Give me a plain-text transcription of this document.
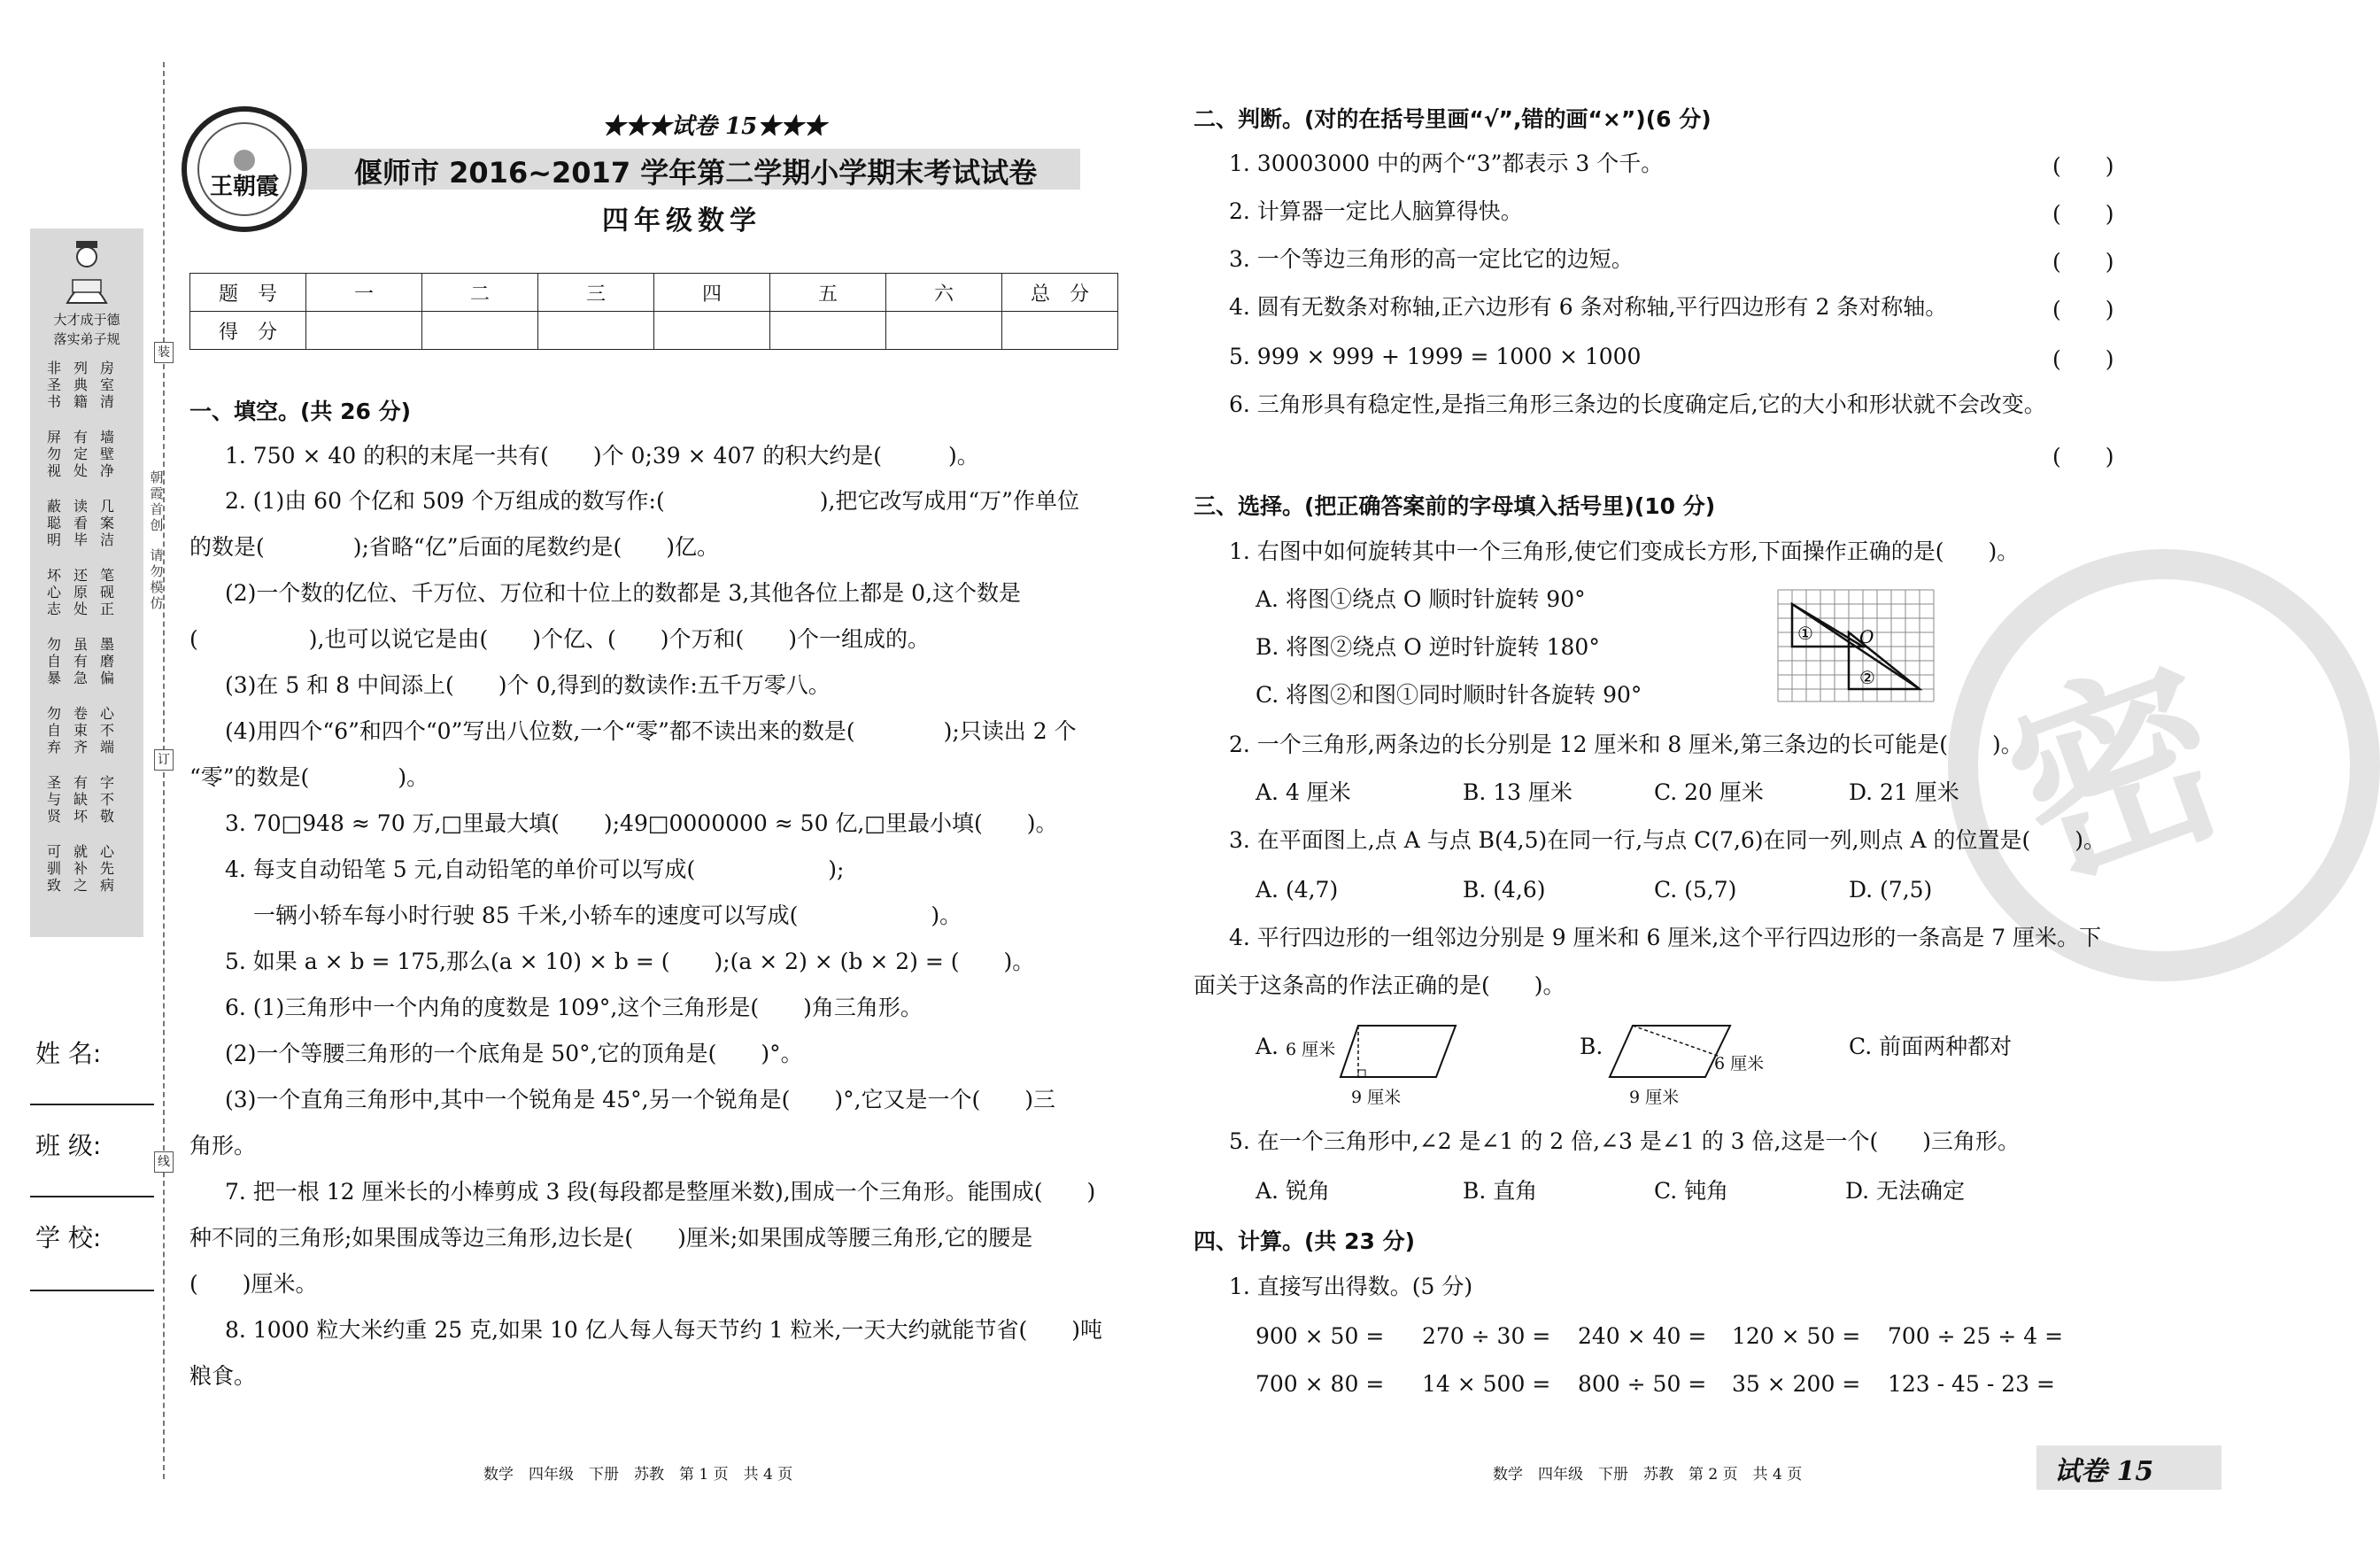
密
大才成于德
落实弟子规
非圣书
列典籍
房室清
屏勿视
有定处
墙壁净
蔽聪明
读看毕
几案洁
坏心志
还原处
笔砚正
勿自暴
虽有急
墨磨偏
勿自弃
卷束齐
心不端
圣与贤
有缺坏
字不敬
可驯致
就补之
心先病
姓 名:
班 级:
学 校:
装
朝霞首创
请勿模仿
订
线
王朝霞
★★★试卷 15★★★
偃师市 2016~2017 学年第二学期小学期末考试试卷
四年级数学
题　号	一	二	三	四	五	六	总　分
得　分							
一、填空。(共 26 分)
1. 750 × 40 的积的末尾一共有(　　)个 0;39 × 407 的积大约是(　　　)。
2. (1)由 60 个亿和 509 个万组成的数写作:(　　　　　　　),把它改写成用“万”作单位
的数是(　　　　);省略“亿”后面的尾数约是(　　)亿。
(2)一个数的亿位、千万位、万位和十位上的数都是 3,其他各位上都是 0,这个数是
(　　　　　),也可以说它是由(　　)个亿、(　　)个万和(　　)个一组成的。
(3)在 5 和 8 中间添上(　　)个 0,得到的数读作:五千万零八。
(4)用四个“6”和四个“0”写出八位数,一个“零”都不读出来的数是(　　　　);只读出 2 个
“零”的数是(　　　　)。
3. 70□948 ≈ 70 万,□里最大填(　　);49□0000000 ≈ 50 亿,□里最小填(　　)。
4. 每支自动铅笔 5 元,自动铅笔的单价可以写成(　　　　　　);
一辆小轿车每小时行驶 85 千米,小轿车的速度可以写成(　　　　　　)。
5. 如果 a × b = 175,那么(a × 10) × b = (　　);(a × 2) × (b × 2) = (　　)。
6. (1)三角形中一个内角的度数是 109°,这个三角形是(　　)角三角形。
(2)一个等腰三角形的一个底角是 50°,它的顶角是(　　)°。
(3)一个直角三角形中,其中一个锐角是 45°,另一个锐角是(　　)°,它又是一个(　　)三
角形。
7. 把一根 12 厘米长的小棒剪成 3 段(每段都是整厘米数),围成一个三角形。能围成(　　)
种不同的三角形;如果围成等边三角形,边长是(　　)厘米;如果围成等腰三角形,它的腰是
(　　)厘米。
8. 1000 粒大米约重 25 克,如果 10 亿人每人每天节约 1 粒米,一天大约就能节省(　　)吨
粮食。
二、判断。(对的在括号里画“√”,错的画“×”)(6 分)
1. 30003000 中的两个“3”都表示 3 个千。	(　　)
2. 计算器一定比人脑算得快。	(　　)
3. 一个等边三角形的高一定比它的边短。	(　　)
4. 圆有无数条对称轴,正六边形有 6 条对称轴,平行四边形有 2 条对称轴。	(　　)
5. 999 × 999 + 1999 = 1000 × 1000	(　　)
6. 三角形具有稳定性,是指三角形三条边的长度确定后,它的大小和形状就不会改变。
(　　)
三、选择。(把正确答案前的字母填入括号里)(10 分)
1. 右图中如何旋转其中一个三角形,使它们变成长方形,下面操作正确的是(　　)。
A. 将图①绕点 O 顺时针旋转 90°
B. 将图②绕点 O 逆时针旋转 180°
C. 将图②和图①同时顺时针各旋转 90°
①
②
O
2. 一个三角形,两条边的长分别是 12 厘米和 8 厘米,第三条边的长可能是(　　)。
A. 4 厘米	B. 13 厘米	C. 20 厘米	D. 21 厘米
3. 在平面图上,点 A 与点 B(4,5)在同一行,与点 C(7,6)在同一列,则点 A 的位置是(　　)。
A. (4,7)	B. (4,6)	C. (5,7)	D. (7,5)
4. 平行四边形的一组邻边分别是 9 厘米和 6 厘米,这个平行四边形的一条高是 7 厘米。下
面关于这条高的作法正确的是(　　)。
A. 6 厘米
9 厘米
B.
6 厘米
9 厘米
C. 前面两种都对
5. 在一个三角形中,∠2 是∠1 的 2 倍,∠3 是∠1 的 3 倍,这是一个(　　)三角形。
A. 锐角	B. 直角	C. 钝角	D. 无法确定
四、计算。(共 23 分)
1. 直接写出得数。(5 分)
900 × 50 = 270 ÷ 30 = 240 × 40 = 120 × 50 = 700 ÷ 25 ÷ 4 =
700 × 80 = 14 × 500 = 800 ÷ 50 = 35 × 200 = 123 - 45 - 23 =
数学　四年级　下册　苏教　第 1 页　共 4 页	数学　四年级　下册　苏教　第 2 页　共 4 页	试卷 15
